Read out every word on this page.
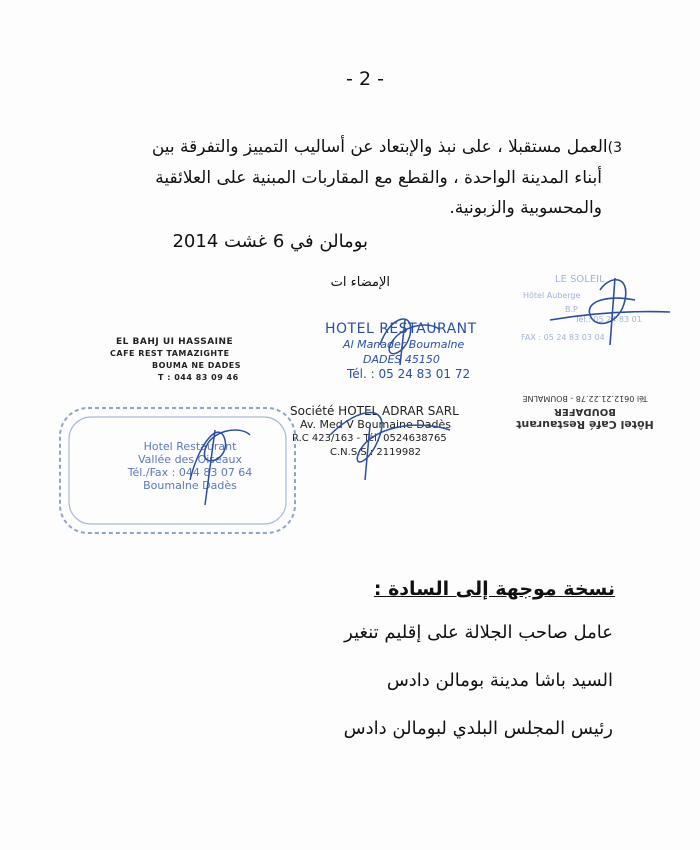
- 2 -
3)العمل مستقبلا ، على نبذ والإبتعاد عن أساليب التمييز والتفرقة بين
أبناء المدينة الواحدة ، والقطع مع المقاربات المبنية على العلائقية
والمحسوبية والزبونية.
بومالن في 6 غشت 2014
الإمضاء ات	LE SOLEIL
Hôtel Auberge
B.P
Tél.: 05 24 83 01
FAX : 05 24 83 03 04
HOTEL RESTAURANT
Al Manader Boumalne
DADES 45150
Tél. : 05 24 83 01 72
EL BAHJ UI HASSAINE
CAFE REST TAMAZIGHTE
BOUMA NE DADES
T : 044 83 09 46
Hôtel Café Restaurant
BOUDAFER
Tél 0612.21.22.78 - BOUMALNE
Société HOTEL ADRAR SARL
Av. Med V Boumaine Dadès
R.C 423/163 - Tél. 0524638765
C.N.S.S : 2119982
Hotel Restaurant
Vallée des Oiseaux
Tél./Fax : 044 83 07 64
Boumalne Dadès
نسخة موجهة إلى السادة :
عامل صاحب الجلالة على إقليم تنغير
السيد باشا مدينة بومالن دادس
رئيس المجلس البلدي لبومالن دادس
